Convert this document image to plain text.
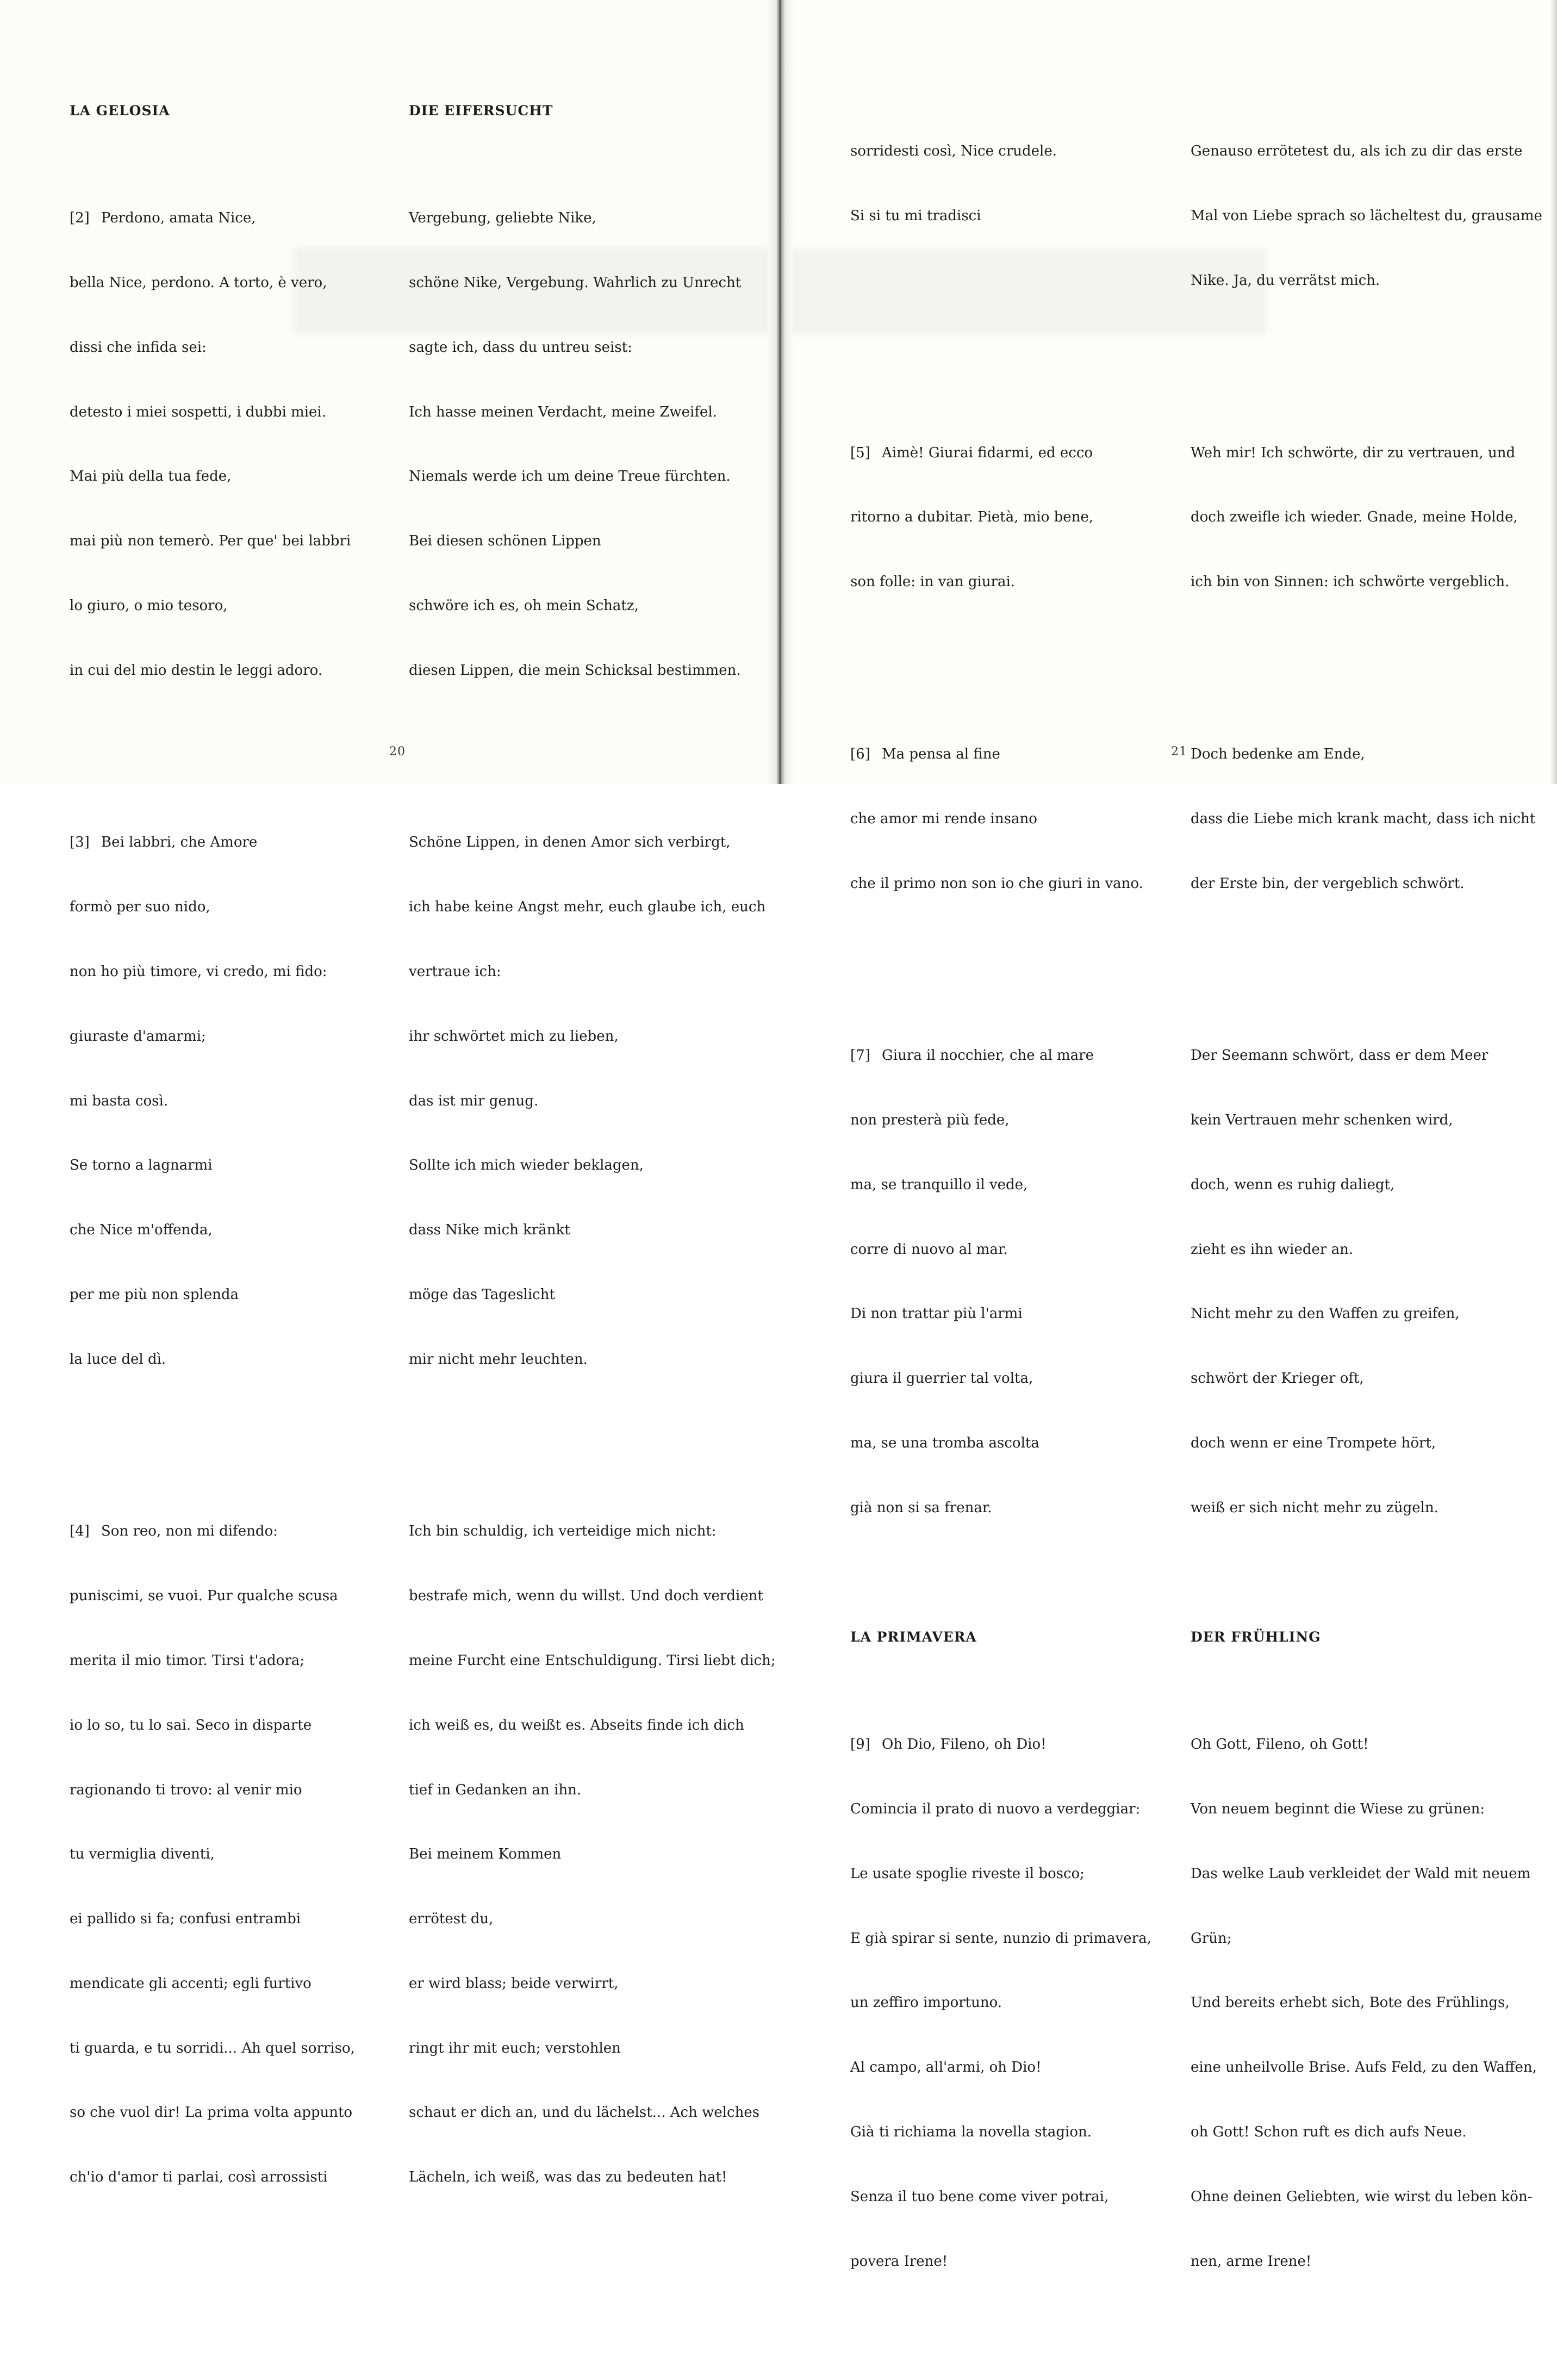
LA GELOSIA

[2] Perdono, amata Nice,

bella Nice, perdono. A torto, è vero,

dissi che infida sei:

detesto i miei sospetti, i dubbi miei.

Mai più della tua fede,

mai più non temerò. Per que' bei labbri

lo giuro, o mio tesoro,

in cui del mio destin le leggi adoro.

[3] Bei labbri, che Amore

formò per suo nido,

non ho più timore, vi credo, mi fido:

giuraste d'amarmi;

mi basta così.

Se torno a lagnarmi

che Nice m'offenda,

per me più non splenda

la luce del dì.

[4] Son reo, non mi difendo:

puniscimi, se vuoi. Pur qualche scusa

merita il mio timor. Tirsi t'adora;

io lo so, tu lo sai. Seco in disparte

ragionando ti trovo: al venir mio

tu vermiglia diventi,

ei pallido si fa; confusi entrambi

mendicate gli accenti; egli furtivo

ti guarda, e tu sorridi... Ah quel sorriso,

so che vuol dir! La prima volta appunto

ch'io d'amor ti parlai, così arrossisti

DIE EIFERSUCHT

Vergebung, geliebte Nike,

schöne Nike, Vergebung. Wahrlich zu Unrecht

sagte ich, dass du untreu seist:

Ich hasse meinen Verdacht, meine Zweifel.

Niemals werde ich um deine Treue fürchten.

Bei diesen schönen Lippen

schwöre ich es, oh mein Schatz,

diesen Lippen, die mein Schicksal bestimmen.

Schöne Lippen, in denen Amor sich verbirgt,

ich habe keine Angst mehr, euch glaube ich, euch

vertraue ich:

ihr schwörtet mich zu lieben,

das ist mir genug.

Sollte ich mich wieder beklagen,

dass Nike mich kränkt

möge das Tageslicht

mir nicht mehr leuchten.

Ich bin schuldig, ich verteidige mich nicht:

bestrafe mich, wenn du willst. Und doch verdient

meine Furcht eine Entschuldigung. Tirsi liebt dich;

ich weiß es, du weißt es. Abseits finde ich dich

tief in Gedanken an ihn.

Bei meinem Kommen

errötest du,

er wird blass; beide verwirrt,

ringt ihr mit euch; verstohlen

schaut er dich an, und du lächelst... Ach welches

Lächeln, ich weiß, was das zu bedeuten hat!

sorridesti così, Nice crudele.

Si si tu mi tradisci

[5] Aimè! Giurai fidarmi, ed ecco

ritorno a dubitar. Pietà, mio bene,

son folle: in van giurai.

[6] Ma pensa al fine

che amor mi rende insano

che il primo non son io che giuri in vano.

[7] Giura il nocchier, che al mare

non presterà più fede,

ma, se tranquillo il vede,

corre di nuovo al mar.

Di non trattar più l'armi

giura il guerrier tal volta,

ma, se una tromba ascolta

già non si sa frenar.

LA PRIMAVERA

[9] Oh Dio, Fileno, oh Dio!

Comincia il prato di nuovo a verdeggiar:

Le usate spoglie riveste il bosco;

E già spirar si sente, nunzio di primavera,

un zeffiro importuno.

Al campo, all'armi, oh Dio!

Già ti richiama la novella stagion.

Senza il tuo bene come viver potrai,

povera Irene!

Genauso errötetest du, als ich zu dir das erste

Mal von Liebe sprach so lächeltest du, grausame

Nike. Ja, du verrätst mich.

Weh mir! Ich schwörte, dir zu vertrauen, und

doch zweifle ich wieder. Gnade, meine Holde,

ich bin von Sinnen: ich schwörte vergeblich.

Doch bedenke am Ende,

dass die Liebe mich krank macht, dass ich nicht

der Erste bin, der vergeblich schwört.

Der Seemann schwört, dass er dem Meer

kein Vertrauen mehr schenken wird,

doch, wenn es ruhig daliegt,

zieht es ihn wieder an.

Nicht mehr zu den Waffen zu greifen,

schwört der Krieger oft,

doch wenn er eine Trompete hört,

weiß er sich nicht mehr zu zügeln.

DER FRÜHLING

Oh Gott, Fileno, oh Gott!

Von neuem beginnt die Wiese zu grünen:

Das welke Laub verkleidet der Wald mit neuem

Grün;

Und bereits erhebt sich, Bote des Frühlings,

eine unheilvolle Brise. Aufs Feld, zu den Waffen,

oh Gott! Schon ruft es dich aufs Neue.

Ohne deinen Geliebten, wie wirst du leben kön-

nen, arme Irene!

20	21
